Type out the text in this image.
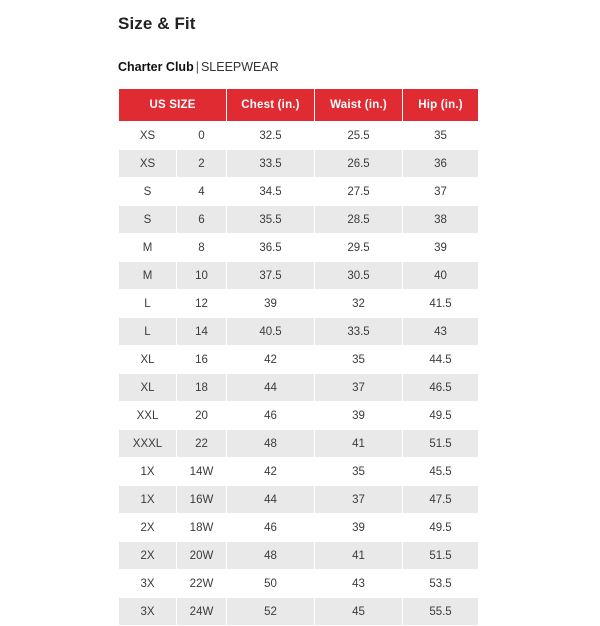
Size & Fit
Charter Club | SLEEPWEAR
US SIZE		Chest (in.)	Waist (in.)	Hip (in.)
XS	0	32.5	25.5	35
XS	2	33.5	26.5	36
S	4	34.5	27.5	37
S	6	35.5	28.5	38
M	8	36.5	29.5	39
M	10	37.5	30.5	40
L	12	39	32	41.5
L	14	40.5	33.5	43
XL	16	42	35	44.5
XL	18	44	37	46.5
XXL	20	46	39	49.5
XXXL	22	48	41	51.5
1X	14W	42	35	45.5
1X	16W	44	37	47.5
2X	18W	46	39	49.5
2X	20W	48	41	51.5
3X	22W	50	43	53.5
3X	24W	52	45	55.5
